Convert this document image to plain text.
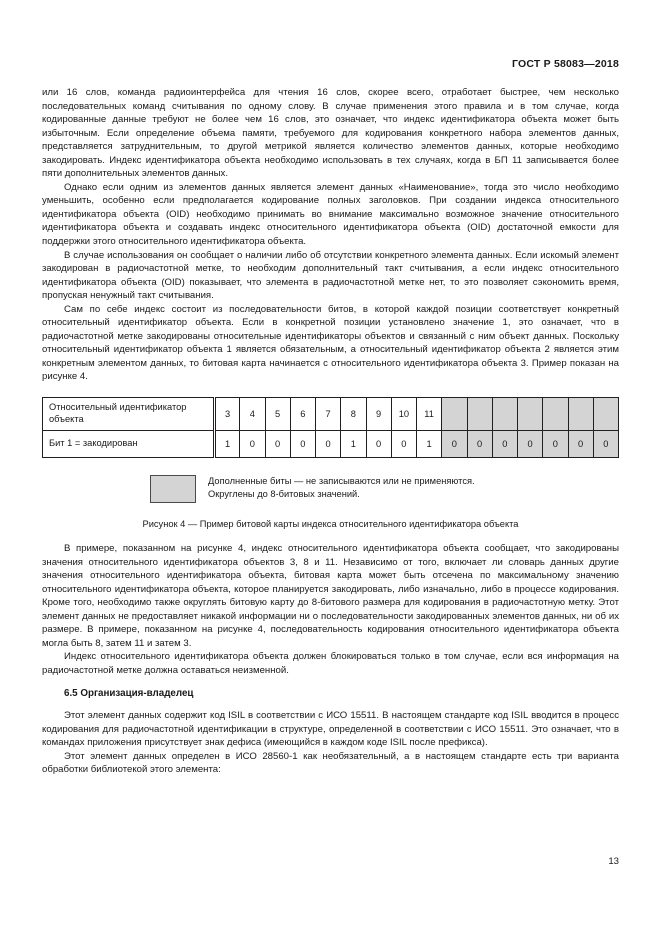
ГОСТ Р 58083—2018

или 16 слов, команда радиоинтерфейса для чтения 16 слов, скорее всего, отработает быстрее, чем несколько последовательных команд считывания по одному слову. В случае применения этого правила и в том случае, когда кодированные данные требуют не более чем 16 слов, это означает, что индекс идентификатора объекта может быть избыточным. Если определение объема памяти, требуемого для кодирования конкретного набора элементов данных, представляется затруднительным, то другой метрикой является количество элементов данных, которые необходимо закодировать. Индекс идентификатора объекта необходимо использовать в тех случаях, когда в БП 11 записывается более пяти дополнительных элементов данных.

Однако если одним из элементов данных является элемент данных «Наименование», тогда это число необходимо уменьшить, особенно если предполагается кодирование полных заголовков. При создании индекса относительного идентификатора объекта (OID) необходимо принимать во внимание максимально возможное значение относительного идентификатора объекта и создавать индекс относительного идентификатора объекта (OID) достаточной емкости для поддержки этого относительного идентификатора объекта.

В случае использования он сообщает о наличии либо об отсутствии конкретного элемента данных. Если искомый элемент закодирован в радиочастотной метке, то необходим дополнительный такт считывания, а если индекс относительного идентификатора объекта (OID) показывает, что элемента в радиочастотной метке нет, то это позволяет сэкономить время, пропуская ненужный такт считывания.

Сам по себе индекс состоит из последовательности битов, в которой каждой позиции соответствует конкретный относительный идентификатор объекта. Если в конкретной позиции установлено значение 1, это означает, что в радиочастотной метке закодированы относительные идентификаторы объектов и связанный с ним объект данных. Поскольку относительный идентификатор объекта 1 является обязательным, а относительный идентификатор объекта 2 является этим конкретным элементом данных, то битовая карта начинается с относительного идентификатора объекта 3. Пример показан на рисунке 4.

Относительный идентификатор объекта	3	4	5	6	7	8	9	10	11							
Бит 1 = закодирован	1	0	0	0	0	1	0	0	1	0	0	0	0	0	0	0
Дополненные биты — не записываются или не применяются.
Округлены до 8-битовых значений.
Рисунок 4 — Пример битовой карты индекса относительного идентификатора объекта

В примере, показанном на рисунке 4, индекс относительного идентификатора объекта сообщает, что закодированы значения относительного идентификатора объектов 3, 8 и 11. Независимо от того, включает ли словарь данных другие значения относительного идентификатора объекта, битовая карта может быть отсечена по максимальному значению относительного идентификатора объекта, которое планируется закодировать, либо изначально, либо в процессе кодирования. Кроме того, необходимо также округлять битовую карту до 8-битового размера для кодирования в радиочастотную метку. Этот элемент данных не предоставляет никакой информации ни о последовательности закодированных элементов данных, ни об их размере. В примере, показанном на рисунке 4, последовательность кодирования относительного идентификатора объекта могла быть 8, затем 11 и затем 3.

Индекс относительного идентификатора объекта должен блокироваться только в том случае, если вся информация на радиочастотной метке должна оставаться неизменной.

6.5 Организация-владелец

Этот элемент данных содержит код ISIL в соответствии с ИСО 15511. В настоящем стандарте код ISIL вводится в процесс кодирования для радиочастотной идентификации в структуре, определенной в соответствии с ИСО 15511. Это означает, что в командах приложения присутствует знак дефиса (имеющийся в каждом коде ISIL после префикса).

Этот элемент данных определен в ИСО 28560-1 как необязательный, а в настоящем стандарте есть три варианта обработки библиотекой этого элемента:

13
